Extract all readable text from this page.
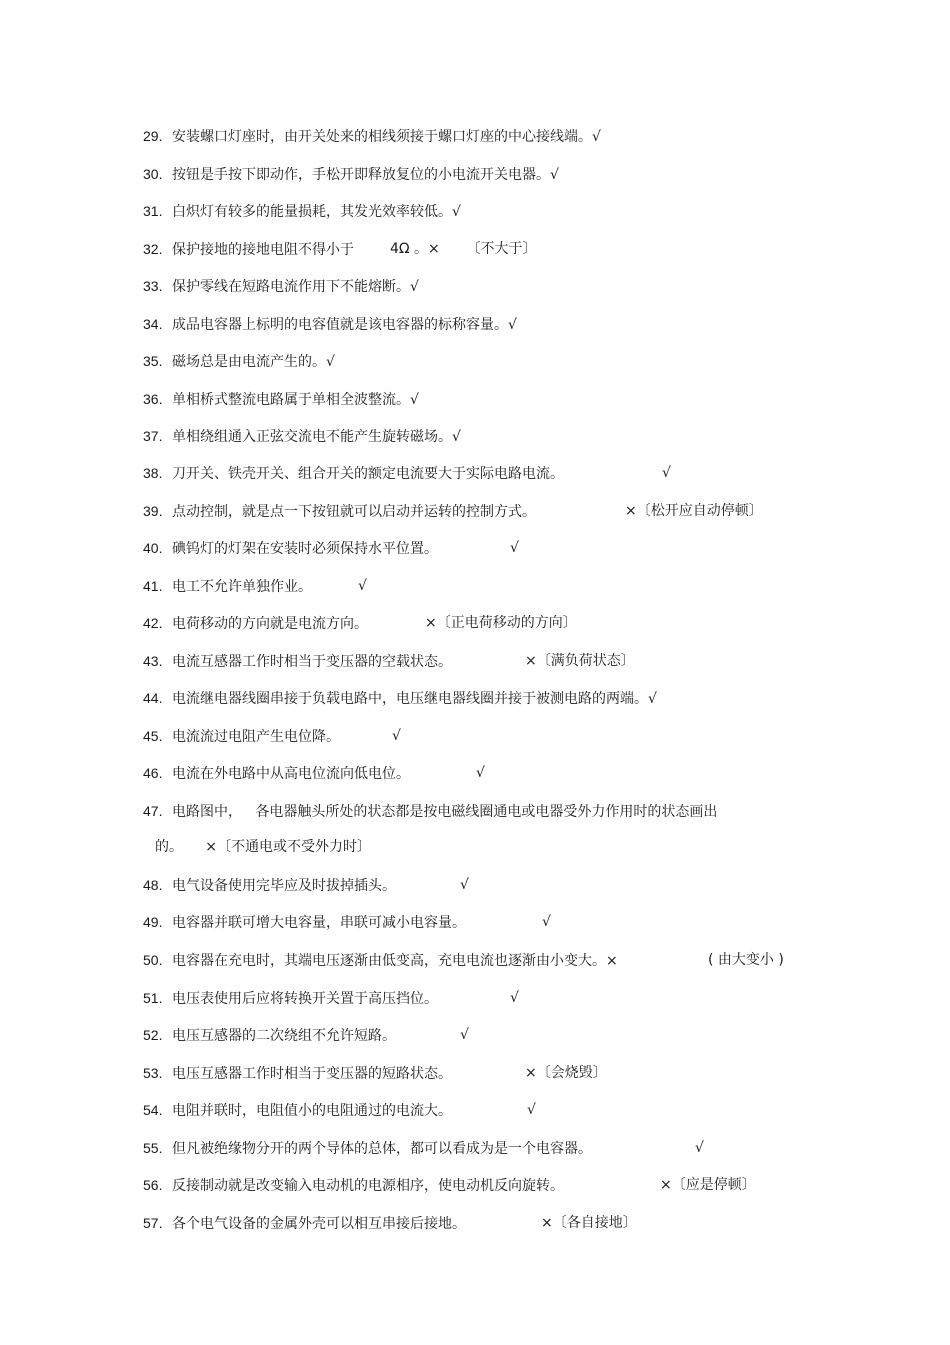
29. 安装螺口灯座时，由开关处来的相线须接于螺口灯座的中心接线端。√
30. 按钮是手按下即动作，手松开即释放复位的小电流开关电器。√
31. 白炽灯有较多的能量损耗，其发光效率较低。√
32. 保护接地的接地电阻不得小于	4Ω 。×      〔不大于〕
33. 保护零线在短路电流作用下不能熔断。√
34. 成品电容器上标明的电容值就是该电容器的标称容量。√
35. 磁场总是由电流产生的。√
36. 单相桥式整流电路属于单相全波整流。√
37. 单相绕组通入正弦交流电不能产生旋转磁场。√
38. 刀开关、铁壳开关、组合开关的额定电流要大于实际电路电流。	√
39. 点动控制，就是点一下按钮就可以启动并运转的控制方式。	×〔松开应自动停顿〕
40. 碘钨灯的灯架在安装时必须保持水平位置。	√
41. 电工不允许单独作业。	√
42. 电荷移动的方向就是电流方向。	×〔正电荷移动的方向〕
43. 电流互感器工作时相当于变压器的空载状态。	×〔满负荷状态〕
44. 电流继电器线圈串接于负载电路中，电压继电器线圈并接于被测电路的两端。√
45. 电流流过电阻产生电位降。	√
46. 电流在外电路中从高电位流向低电位。	√
47. 电路图中，   各电器触头所处的状态都是按电磁线圈通电或电器受外力作用时的状态画出
的。     ×〔不通电或不受外力时〕
48. 电气设备使用完毕应及时拔掉插头。	√
49. 电容器并联可增大电容量，串联可减小电容量。	√
50. 电容器在充电时，其端电压逐渐由低变高，充电电流也逐渐由小变大。×	( 由大变小 )
51. 电压表使用后应将转换开关置于高压挡位。	√
52. 电压互感器的二次绕组不允许短路。	√
53. 电压互感器工作时相当于变压器的短路状态。	×〔会烧毁〕
54. 电阻并联时，电阻值小的电阻通过的电流大。	√
55. 但凡被绝缘物分开的两个导体的总体，都可以看成为是一个电容器。	√
56. 反接制动就是改变输入电动机的电源相序，使电动机反向旋转。	×〔应是停顿〕
57. 各个电气设备的金属外壳可以相互串接后接地。	×〔各自接地〕
